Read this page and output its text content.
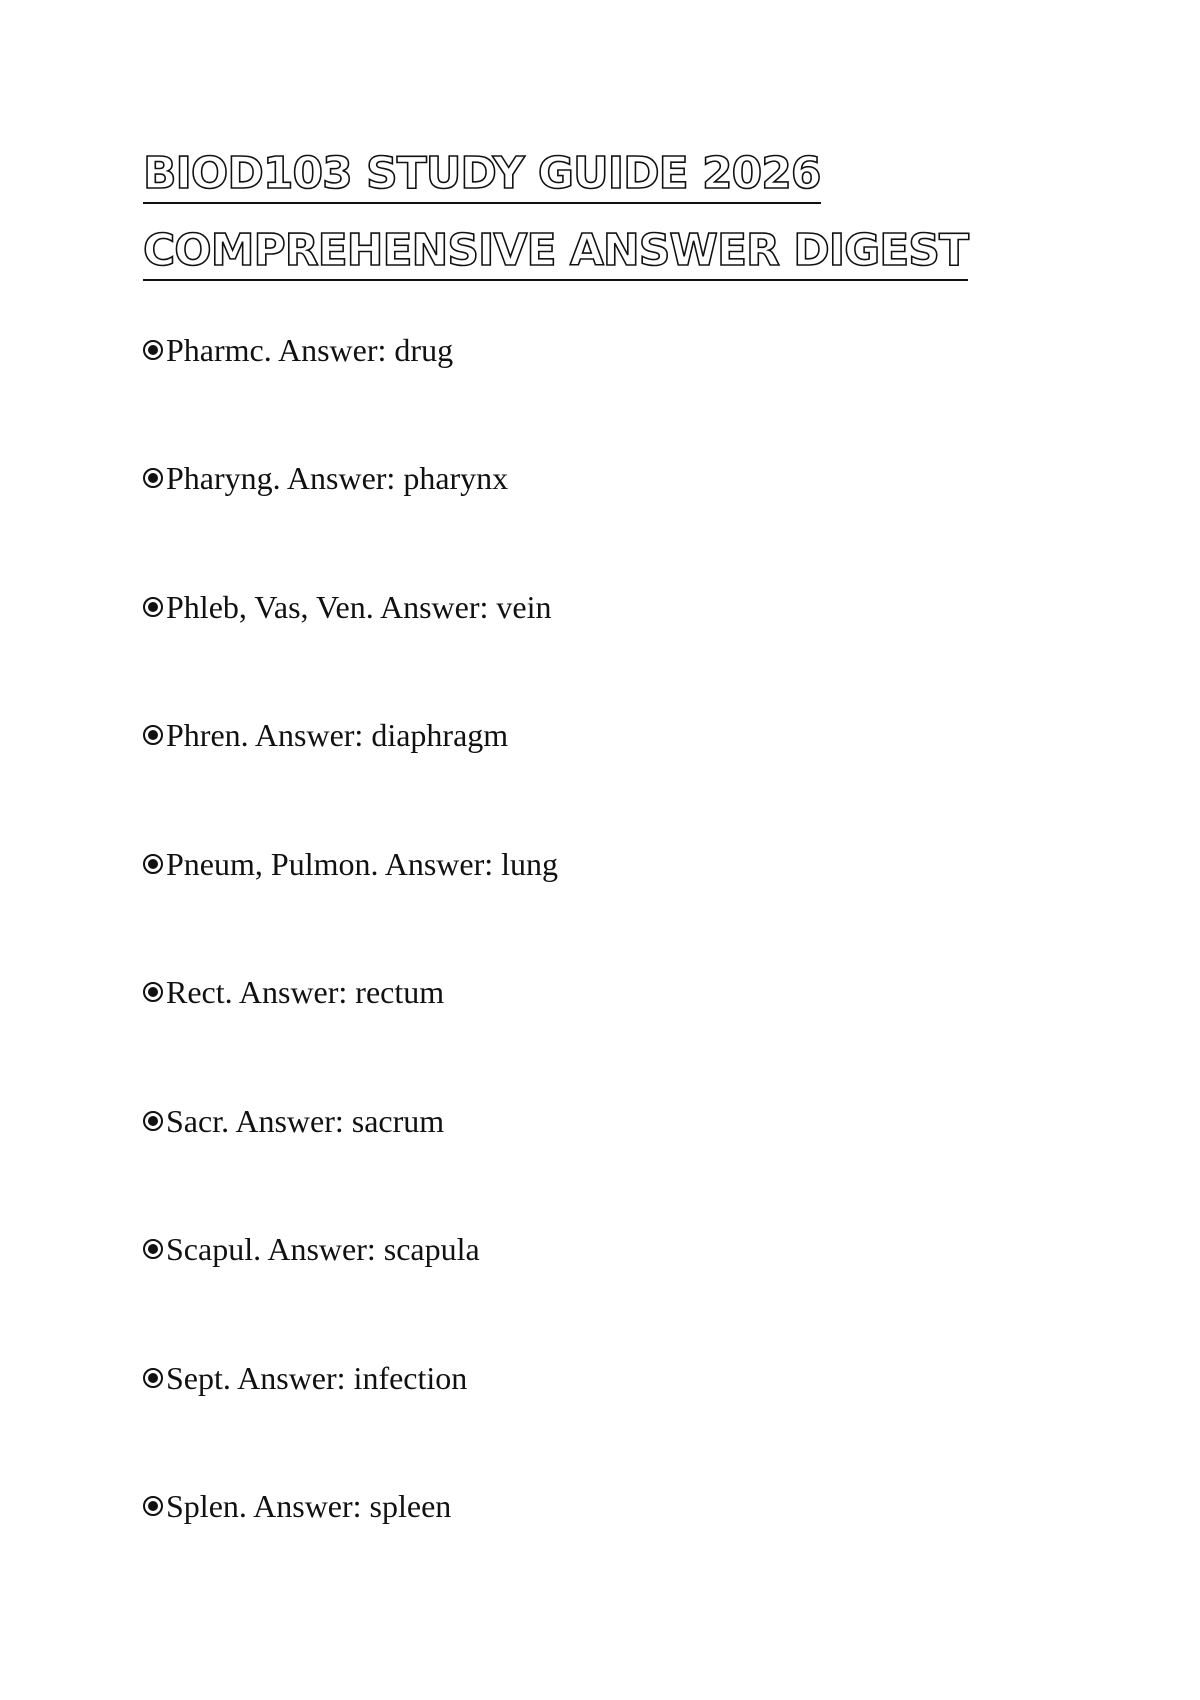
BIOD103 STUDY GUIDE 2026
COMPREHENSIVE ANSWER DIGEST
Pharmc. Answer: drug
Pharyng. Answer: pharynx
Phleb, Vas, Ven. Answer: vein
Phren. Answer: diaphragm
Pneum, Pulmon. Answer: lung
Rect. Answer: rectum
Sacr. Answer: sacrum
Scapul. Answer: scapula
Sept. Answer: infection
Splen. Answer: spleen
